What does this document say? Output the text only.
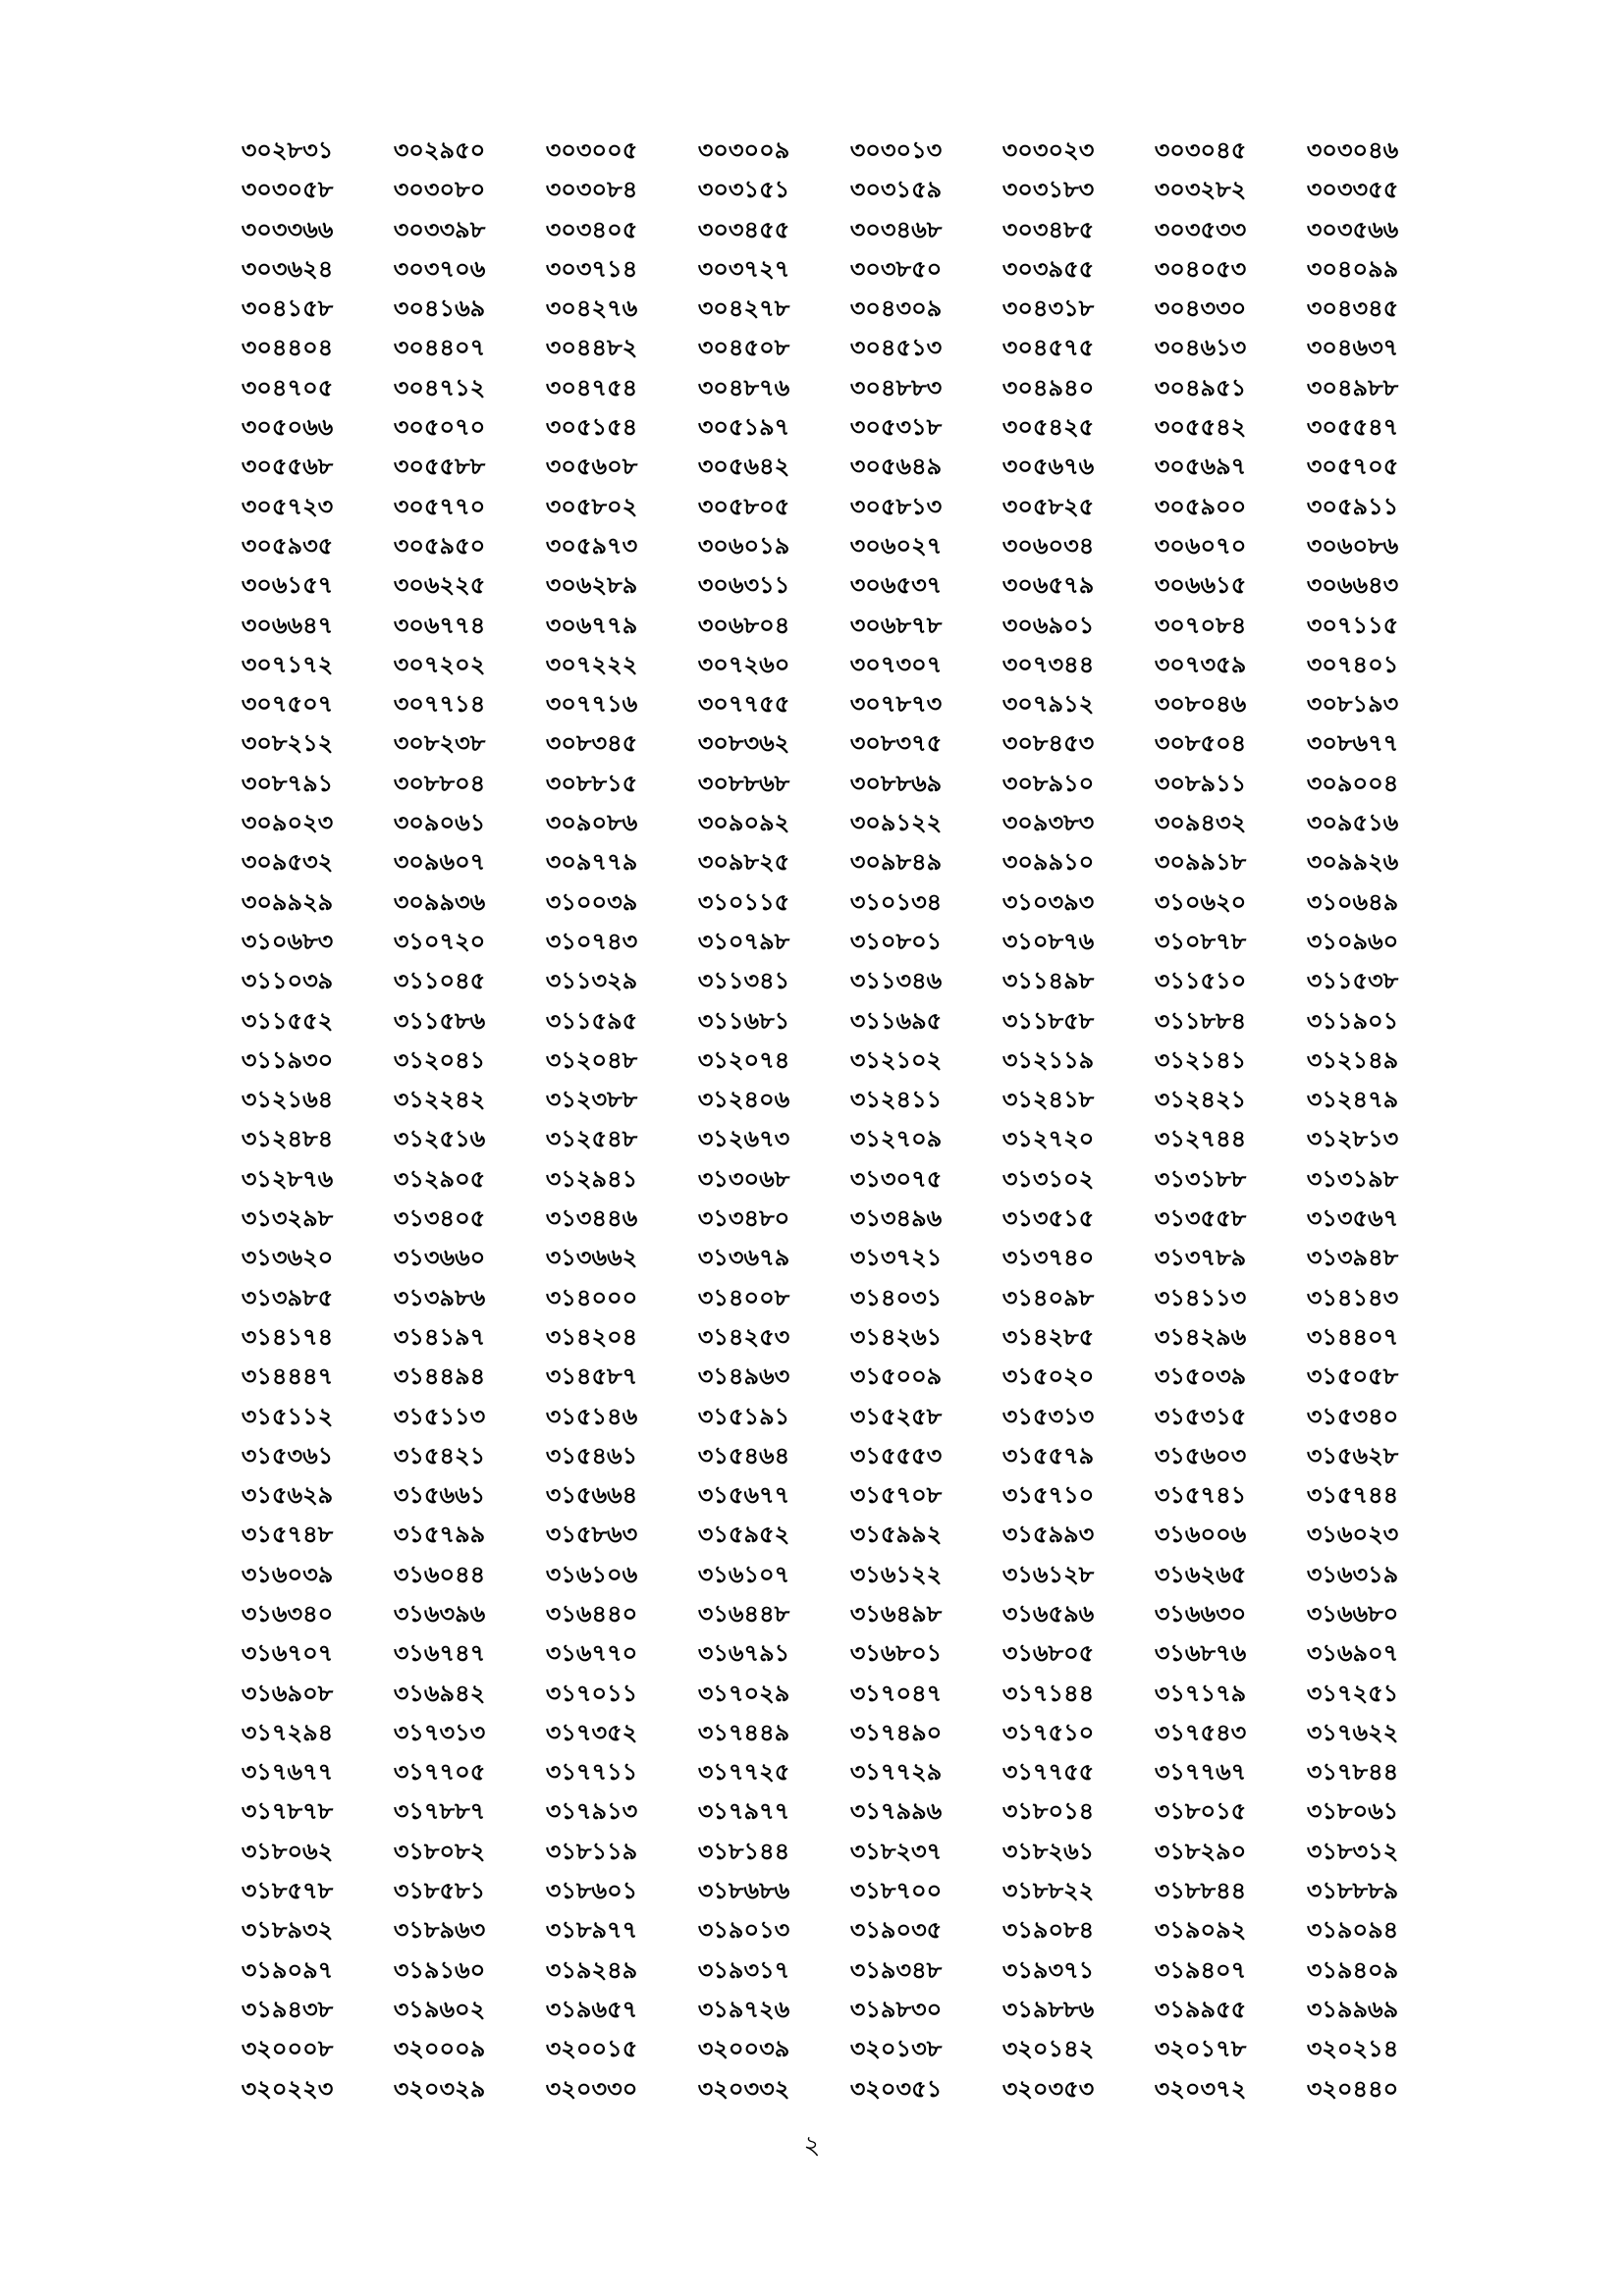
৩০২৮৩১	৩০২৯৫০	৩০৩০০৫	৩০৩০০৯	৩০৩০১৩	৩০৩০২৩	৩০৩০৪৫	৩০৩০৪৬
৩০৩০৫৮	৩০৩০৮০	৩০৩০৮৪	৩০৩১৫১	৩০৩১৫৯	৩০৩১৮৩	৩০৩২৮২	৩০৩৩৫৫
৩০৩৩৬৬	৩০৩৩৯৮	৩০৩৪০৫	৩০৩৪৫৫	৩০৩৪৬৮	৩০৩৪৮৫	৩০৩৫৩৩	৩০৩৫৬৬
৩০৩৬২৪	৩০৩৭০৬	৩০৩৭১৪	৩০৩৭২৭	৩০৩৮৫০	৩০৩৯৫৫	৩০৪০৫৩	৩০৪০৯৯
৩০৪১৫৮	৩০৪১৬৯	৩০৪২৭৬	৩০৪২৭৮	৩০৪৩০৯	৩০৪৩১৮	৩০৪৩৩০	৩০৪৩৪৫
৩০৪৪০৪	৩০৪৪০৭	৩০৪৪৮২	৩০৪৫০৮	৩০৪৫১৩	৩০৪৫৭৫	৩০৪৬১৩	৩০৪৬৩৭
৩০৪৭০৫	৩০৪৭১২	৩০৪৭৫৪	৩০৪৮৭৬	৩০৪৮৮৩	৩০৪৯৪০	৩০৪৯৫১	৩০৪৯৮৮
৩০৫০৬৬	৩০৫০৭০	৩০৫১৫৪	৩০৫১৯৭	৩০৫৩১৮	৩০৫৪২৫	৩০৫৫৪২	৩০৫৫৪৭
৩০৫৫৬৮	৩০৫৫৮৮	৩০৫৬০৮	৩০৫৬৪২	৩০৫৬৪৯	৩০৫৬৭৬	৩০৫৬৯৭	৩০৫৭০৫
৩০৫৭২৩	৩০৫৭৭০	৩০৫৮০২	৩০৫৮০৫	৩০৫৮১৩	৩০৫৮২৫	৩০৫৯০০	৩০৫৯১১
৩০৫৯৩৫	৩০৫৯৫০	৩০৫৯৭৩	৩০৬০১৯	৩০৬০২৭	৩০৬০৩৪	৩০৬০৭০	৩০৬০৮৬
৩০৬১৫৭	৩০৬২২৫	৩০৬২৮৯	৩০৬৩১১	৩০৬৫৩৭	৩০৬৫৭৯	৩০৬৬১৫	৩০৬৬৪৩
৩০৬৬৪৭	৩০৬৭৭৪	৩০৬৭৭৯	৩০৬৮০৪	৩০৬৮৭৮	৩০৬৯০১	৩০৭০৮৪	৩০৭১১৫
৩০৭১৭২	৩০৭২০২	৩০৭২২২	৩০৭২৬০	৩০৭৩০৭	৩০৭৩৪৪	৩০৭৩৫৯	৩০৭৪০১
৩০৭৫০৭	৩০৭৭১৪	৩০৭৭১৬	৩০৭৭৫৫	৩০৭৮৭৩	৩০৭৯১২	৩০৮০৪৬	৩০৮১৯৩
৩০৮২১২	৩০৮২৩৮	৩০৮৩৪৫	৩০৮৩৬২	৩০৮৩৭৫	৩০৮৪৫৩	৩০৮৫০৪	৩০৮৬৭৭
৩০৮৭৯১	৩০৮৮০৪	৩০৮৮১৫	৩০৮৮৬৮	৩০৮৮৬৯	৩০৮৯১০	৩০৮৯১১	৩০৯০০৪
৩০৯০২৩	৩০৯০৬১	৩০৯০৮৬	৩০৯০৯২	৩০৯১২২	৩০৯৩৮৩	৩০৯৪৩২	৩০৯৫১৬
৩০৯৫৩২	৩০৯৬০৭	৩০৯৭৭৯	৩০৯৮২৫	৩০৯৮৪৯	৩০৯৯১০	৩০৯৯১৮	৩০৯৯২৬
৩০৯৯২৯	৩০৯৯৩৬	৩১০০৩৯	৩১০১১৫	৩১০১৩৪	৩১০৩৯৩	৩১০৬২০	৩১০৬৪৯
৩১০৬৮৩	৩১০৭২০	৩১০৭৪৩	৩১০৭৯৮	৩১০৮০১	৩১০৮৭৬	৩১০৮৭৮	৩১০৯৬০
৩১১০৩৯	৩১১০৪৫	৩১১৩২৯	৩১১৩৪১	৩১১৩৪৬	৩১১৪৯৮	৩১১৫১০	৩১১৫৩৮
৩১১৫৫২	৩১১৫৮৬	৩১১৫৯৫	৩১১৬৮১	৩১১৬৯৫	৩১১৮৫৮	৩১১৮৮৪	৩১১৯০১
৩১১৯৩০	৩১২০৪১	৩১২০৪৮	৩১২০৭৪	৩১২১০২	৩১২১১৯	৩১২১৪১	৩১২১৪৯
৩১২১৬৪	৩১২২৪২	৩১২৩৮৮	৩১২৪০৬	৩১২৪১১	৩১২৪১৮	৩১২৪২১	৩১২৪৭৯
৩১২৪৮৪	৩১২৫১৬	৩১২৫৪৮	৩১২৬৭৩	৩১২৭০৯	৩১২৭২০	৩১২৭৪৪	৩১২৮১৩
৩১২৮৭৬	৩১২৯০৫	৩১২৯৪১	৩১৩০৬৮	৩১৩০৭৫	৩১৩১০২	৩১৩১৮৮	৩১৩১৯৮
৩১৩২৯৮	৩১৩৪০৫	৩১৩৪৪৬	৩১৩৪৮০	৩১৩৪৯৬	৩১৩৫১৫	৩১৩৫৫৮	৩১৩৫৬৭
৩১৩৬২০	৩১৩৬৬০	৩১৩৬৬২	৩১৩৬৭৯	৩১৩৭২১	৩১৩৭৪০	৩১৩৭৮৯	৩১৩৯৪৮
৩১৩৯৮৫	৩১৩৯৮৬	৩১৪০০০	৩১৪০০৮	৩১৪০৩১	৩১৪০৯৮	৩১৪১১৩	৩১৪১৪৩
৩১৪১৭৪	৩১৪১৯৭	৩১৪২০৪	৩১৪২৫৩	৩১৪২৬১	৩১৪২৮৫	৩১৪২৯৬	৩১৪৪০৭
৩১৪৪৪৭	৩১৪৪৯৪	৩১৪৫৮৭	৩১৪৯৬৩	৩১৫০০৯	৩১৫০২০	৩১৫০৩৯	৩১৫০৫৮
৩১৫১১২	৩১৫১১৩	৩১৫১৪৬	৩১৫১৯১	৩১৫২৫৮	৩১৫৩১৩	৩১৫৩১৫	৩১৫৩৪০
৩১৫৩৬১	৩১৫৪২১	৩১৫৪৬১	৩১৫৪৬৪	৩১৫৫৫৩	৩১৫৫৭৯	৩১৫৬০৩	৩১৫৬২৮
৩১৫৬২৯	৩১৫৬৬১	৩১৫৬৬৪	৩১৫৬৭৭	৩১৫৭০৮	৩১৫৭১০	৩১৫৭৪১	৩১৫৭৪৪
৩১৫৭৪৮	৩১৫৭৯৯	৩১৫৮৬৩	৩১৫৯৫২	৩১৫৯৯২	৩১৫৯৯৩	৩১৬০০৬	৩১৬০২৩
৩১৬০৩৯	৩১৬০৪৪	৩১৬১০৬	৩১৬১০৭	৩১৬১২২	৩১৬১২৮	৩১৬২৬৫	৩১৬৩১৯
৩১৬৩৪০	৩১৬৩৯৬	৩১৬৪৪০	৩১৬৪৪৮	৩১৬৪৯৮	৩১৬৫৯৬	৩১৬৬৩০	৩১৬৬৮০
৩১৬৭০৭	৩১৬৭৪৭	৩১৬৭৭০	৩১৬৭৯১	৩১৬৮০১	৩১৬৮০৫	৩১৬৮৭৬	৩১৬৯০৭
৩১৬৯০৮	৩১৬৯৪২	৩১৭০১১	৩১৭০২৯	৩১৭০৪৭	৩১৭১৪৪	৩১৭১৭৯	৩১৭২৫১
৩১৭২৯৪	৩১৭৩১৩	৩১৭৩৫২	৩১৭৪৪৯	৩১৭৪৯০	৩১৭৫১০	৩১৭৫৪৩	৩১৭৬২২
৩১৭৬৭৭	৩১৭৭০৫	৩১৭৭১১	৩১৭৭২৫	৩১৭৭২৯	৩১৭৭৫৫	৩১৭৭৬৭	৩১৭৮৪৪
৩১৭৮৭৮	৩১৭৮৮৭	৩১৭৯১৩	৩১৭৯৭৭	৩১৭৯৯৬	৩১৮০১৪	৩১৮০১৫	৩১৮০৬১
৩১৮০৬২	৩১৮০৮২	৩১৮১১৯	৩১৮১৪৪	৩১৮২৩৭	৩১৮২৬১	৩১৮২৯০	৩১৮৩১২
৩১৮৫৭৮	৩১৮৫৮১	৩১৮৬০১	৩১৮৬৮৬	৩১৮৭০০	৩১৮৮২২	৩১৮৮৪৪	৩১৮৮৮৯
৩১৮৯৩২	৩১৮৯৬৩	৩১৮৯৭৭	৩১৯০১৩	৩১৯০৩৫	৩১৯০৮৪	৩১৯০৯২	৩১৯০৯৪
৩১৯০৯৭	৩১৯১৬০	৩১৯২৪৯	৩১৯৩১৭	৩১৯৩৪৮	৩১৯৩৭১	৩১৯৪০৭	৩১৯৪০৯
৩১৯৪৩৮	৩১৯৬০২	৩১৯৬৫৭	৩১৯৭২৬	৩১৯৮৩০	৩১৯৮৮৬	৩১৯৯৫৫	৩১৯৯৬৯
৩২০০০৮	৩২০০০৯	৩২০০১৫	৩২০০৩৯	৩২০১৩৮	৩২০১৪২	৩২০১৭৮	৩২০২১৪
৩২০২২৩	৩২০৩২৯	৩২০৩৩০	৩২০৩৩২	৩২০৩৫১	৩২০৩৫৩	৩২০৩৭২	৩২০৪৪০
২
